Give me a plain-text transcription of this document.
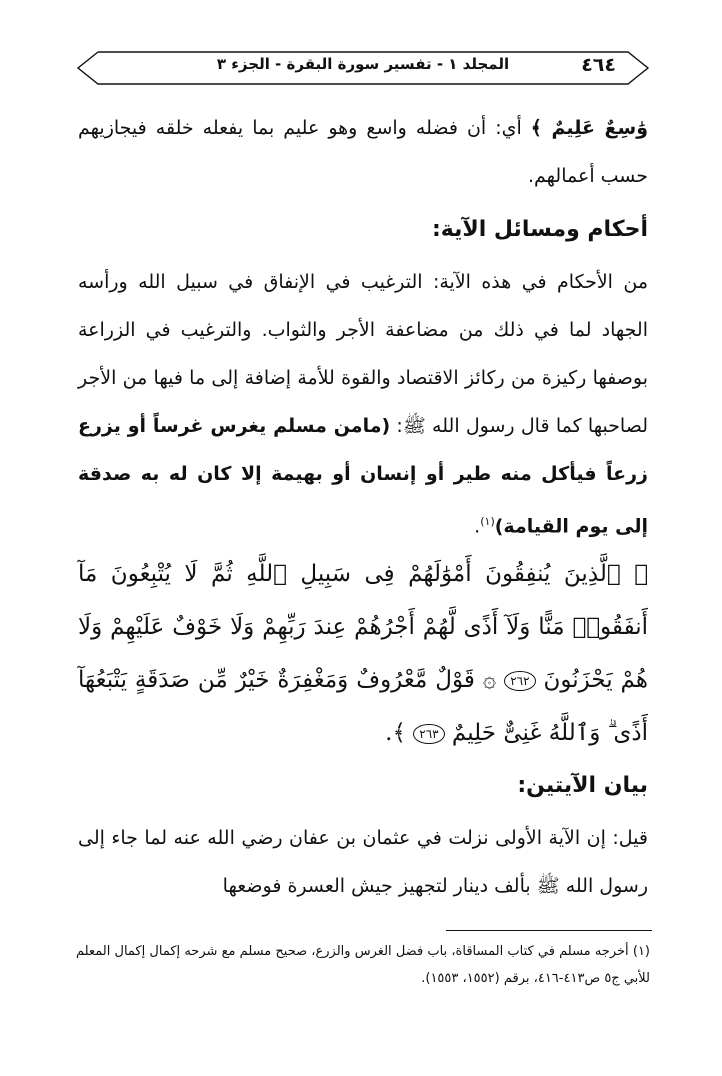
٤٦٤
المجلد ١ - تفسير سورة البقرة - الجزء ٣
وَٰسِعٌ عَلِيمٌ ﴾ أي: أن فضله واسع وهو عليم بما يفعله خلقه فيجازيهم حسب أعمالهم.
أحكام ومسائل الآية:
من الأحكام في هذه الآية: الترغيب في الإنفاق في سبيل الله ورأسه الجهاد لما في ذلك من مضاعفة الأجر والثواب. والترغيب في الزراعة بوصفها ركيزة من ركائز الاقتصاد والقوة للأمة إضافة إلى ما فيها من الأجر لصاحبها كما قال رسول الله ﷺ: (مامن مسلم يغرس غرساً أو يزرع زرعاً فيأكل منه طير أو إنسان أو بهيمة إلا كان له به صدقة إلى يوم القيامة)$^{(١)}$.
﴿ ٱلَّذِينَ يُنفِقُونَ أَمْوَٰلَهُمْ فِى سَبِيلِ ٱللَّهِ ثُمَّ لَا يُتْبِعُونَ مَآ أَنفَقُوا۟ مَنًّا وَلَآ أَذًى لَّهُمْ أَجْرُهُمْ عِندَ رَبِّهِمْ وَلَا خَوْفٌ عَلَيْهِمْ وَلَا هُمْ يَحْزَنُونَ ٢٦٢ ۞ قَوْلٌ مَّعْرُوفٌ وَمَغْفِرَةٌ خَيْرٌ مِّن صَدَقَةٍ يَتْبَعُهَآ أَذًى ۗ وَٱللَّهُ غَنِىٌّ حَلِيمٌ ٢٦٣ ﴾.
بيان الآيتين:
قيل: إن الآية الأولى نزلت في عثمان بن عفان رضي الله عنه لما جاء إلى رسول الله ﷺ بألف دينار لتجهيز جيش العسرة فوضعها
(١) أخرجه مسلم في كتاب المساقاة، باب فضل الغرس والزرع، صحيح مسلم مع شرحه إكمال إكمال المعلم للأبي ج٥ ص٤١٣-٤١٦، برقم (١٥٥٢، ١٥٥٣).
